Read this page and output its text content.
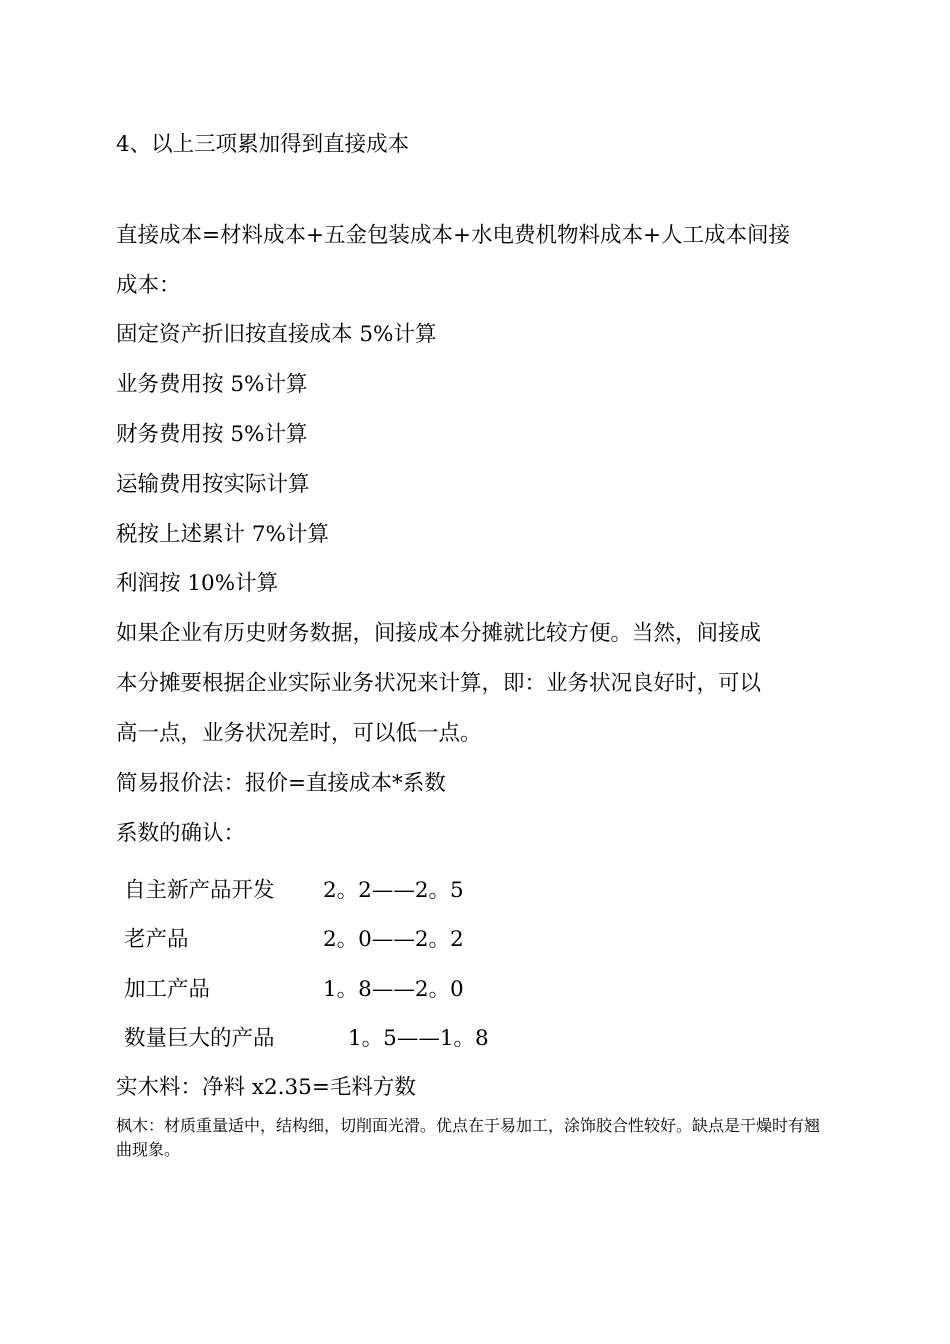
4、以上三项累加得到直接成本
直接成本=材料成本+五金包装成本+水电费机物料成本+人工成本间接
成本：
固定资产折旧按直接成本 5%计算
业务费用按 5%计算
财务费用按 5%计算
运输费用按实际计算
税按上述累计 7%计算
利润按 10%计算
如果企业有历史财务数据，间接成本分摊就比较方便。当然，间接成
本分摊要根据企业实际业务状况来计算，即：业务状况良好时，可以
高一点，业务状况差时，可以低一点。
简易报价法：报价=直接成本*系数
系数的确认：
自主新产品开发 2。2——2。5
老产品	2。0——2。2
加工产品	1。8——2。0
数量巨大的产品	1。5——1。8
实木料：净料 x2.35=毛料方数
枫木：材质重量适中，结构细，切削面光滑。优点在于易加工，涂饰胶合性较好。缺点是干燥时有翘曲现象。
